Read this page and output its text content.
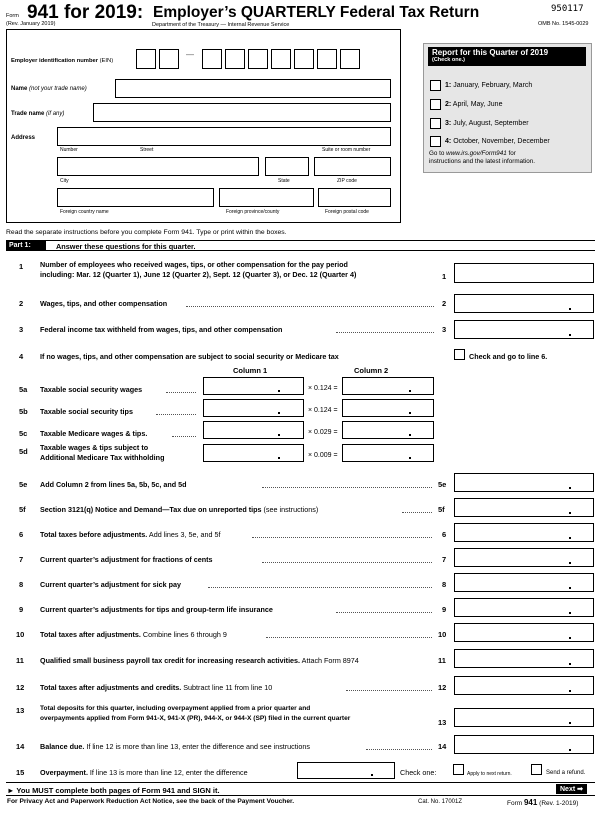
Form 941 for 2019: Employer’s QUARTERLY Federal Tax Return
(Rev. January 2019)	Department of the Treasury — Internal Revenue Service
950117
OMB No. 1545-0029
Employer identification number (EIN)
—
Name (not your trade name)
Trade name (if any)
Address
Number	Street	Suite or room number
City	State	ZIP code
Foreign country name	Foreign province/county	Foreign postal code
Report for this Quarter of 2019
(Check one.)
1: January, February, March
2: April, May, June
3: July, August, September
4: October, November, December
Go to www.irs.gov/Form941 for
instructions and the latest information.
Read the separate instructions before you complete Form 941. Type or print within the boxes.
Part 1:	Answer these questions for this quarter.
1 Number of employees who received wages, tips, or other compensation for the pay period
including: Mar. 12 (Quarter 1), June 12 (Quarter 2), Sept. 12 (Quarter 3), or Dec. 12 (Quarter 4)	1
2 Wages, tips, and other compensation	2
3 Federal income tax withheld from wages, tips, and other compensation	3
4 If no wages, tips, and other compensation are subject to social security or Medicare tax	Check and go to line 6.
Column 1	Column 2
5a Taxable social security wages	× 0.124 =
5b Taxable social security tips	× 0.124 =
5c Taxable Medicare wages & tips.	× 0.029 =
5d Taxable wages & tips subject to
Additional Medicare Tax withholding	× 0.009 =
5e Add Column 2 from lines 5a, 5b, 5c, and 5d	5e
5f Section 3121(q) Notice and Demand—Tax due on unreported tips (see instructions)	5f
6 Total taxes before adjustments. Add lines 3, 5e, and 5f	6
7 Current quarter’s adjustment for fractions of cents	7
8 Current quarter’s adjustment for sick pay	8
9 Current quarter’s adjustments for tips and group-term life insurance	9
10 Total taxes after adjustments. Combine lines 6 through 9	10
11 Qualified small business payroll tax credit for increasing research activities. Attach Form 8974	11
12 Total taxes after adjustments and credits. Subtract line 11 from line 10	12
13 Total deposits for this quarter, including overpayment applied from a prior quarter and
overpayments applied from Form 941-X, 941-X (PR), 944-X, or 944-X (SP) filed in the current quarter	13
14 Balance due. If line 12 is more than line 13, enter the difference and see instructions	14
15 Overpayment. If line 13 is more than line 12, enter the difference	Check one:	Apply to next return.	Send a refund.
► You MUST complete both pages of Form 941 and SIGN it.	Next ➡
For Privacy Act and Paperwork Reduction Act Notice, see the back of the Payment Voucher.	Cat. No. 17001Z	Form 941 (Rev. 1-2019)
